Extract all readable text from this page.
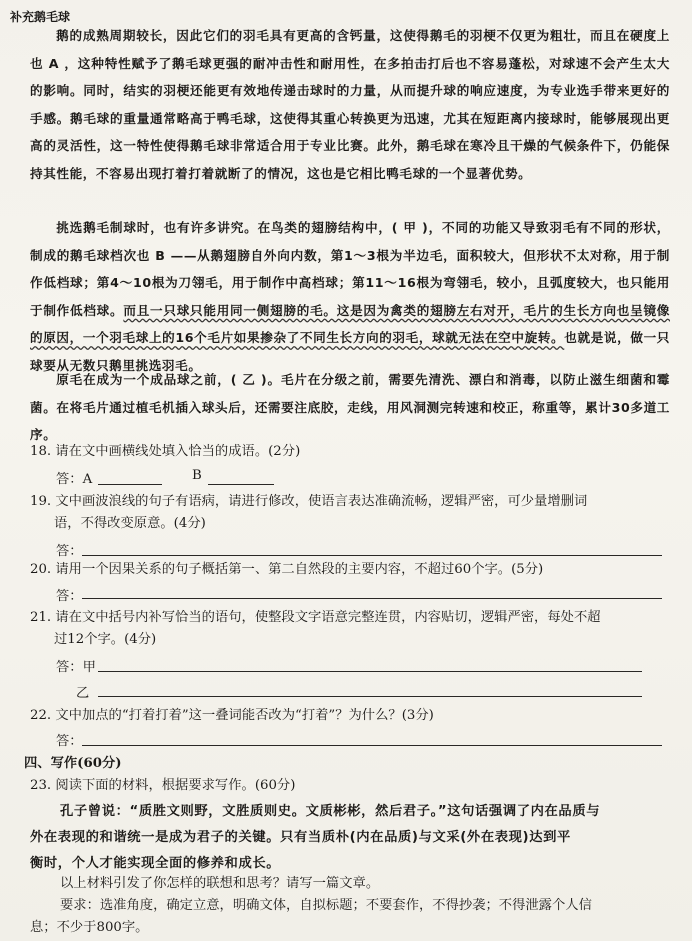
补充鹅毛球

鹅的成熟周期较长，因此它们的羽毛具有更高的含钙量，这使得鹅毛的羽梗不仅更为粗壮，而且在硬度上也 A ，这种特性赋予了鹅毛球更强的耐冲击性和耐用性，在多拍击打后也不容易蓬松，对球速不会产生太大的影响。同时，结实的羽梗还能更有效地传递击球时的力量，从而提升球的响应速度，为专业选手带来更好的手感。鹅毛球的重量通常略高于鸭毛球，这使得其重心转换更为迅速，尤其在短距离内接球时，能够展现出更高的灵活性，这一特性使得鹅毛球非常适合用于专业比赛。此外，鹅毛球在寒冷且干燥的气候条件下，仍能保持其性能，不容易出现打着打着就断了的情况，这也是它相比鸭毛球的一个显著优势。

挑选鹅毛制球时，也有许多讲究。在鸟类的翅膀结构中，( 甲 )，不同的功能又导致羽毛有不同的形状，制成的鹅毛球档次也 B ——从鹅翅膀自外向内数，第1～3根为半边毛，面积较大，但形状不太对称，用于制作低档球；第4～10根为刀翎毛，用于制作中高档球；第11～16根为弯翎毛，较小，且弧度较大，也只能用于制作低档球。而且一只球只能用同一侧翅膀的毛。这是因为禽类的翅膀左右对开，毛片的生长方向也呈镜像的原因，一个羽毛球上的16个毛片如果掺杂了不同生长方向的羽毛，球就无法在空中旋转。也就是说，做一只球要从无数只鹅里挑选羽毛。

原毛在成为一个成品球之前，( 乙 )。毛片在分级之前，需要先清洗、漂白和消毒，以防止滋生细菌和霉菌。在将毛片通过植毛机插入球头后，还需要注底胶，走线，用风洞测完转速和校正，称重等，累计30多道工序。

18. 请在文中画横线处填入恰当的成语。(2分)
答：A	B
19. 文中画波浪线的句子有语病，请进行修改，使语言表达准确流畅，逻辑严密，可少量增删词
语，不得改变原意。(4分)
答：
20. 请用一个因果关系的句子概括第一、第二自然段的主要内容，不超过60个字。(5分)
答：
21. 请在文中括号内补写恰当的语句，使整段文字语意完整连贯，内容贴切，逻辑严密，每处不超
过12个字。(4分)
答：甲
乙
22. 文中加点的“打着打着”这一叠词能否改为“打着”？为什么？(3分)
答：
四、写作(60分)
23. 阅读下面的材料，根据要求写作。(60分)
孔子曾说：“质胜文则野，文胜质则史。文质彬彬，然后君子。”这句话强调了内在品质与
外在表现的和谐统一是成为君子的关键。只有当质朴(内在品质)与文采(外在表现)达到平
衡时，个人才能实现全面的修养和成长。
以上材料引发了你怎样的联想和思考？请写一篇文章。
要求：选准角度，确定立意，明确文体，自拟标题；不要套作，不得抄袭；不得泄露个人信
息；不少于800字。
